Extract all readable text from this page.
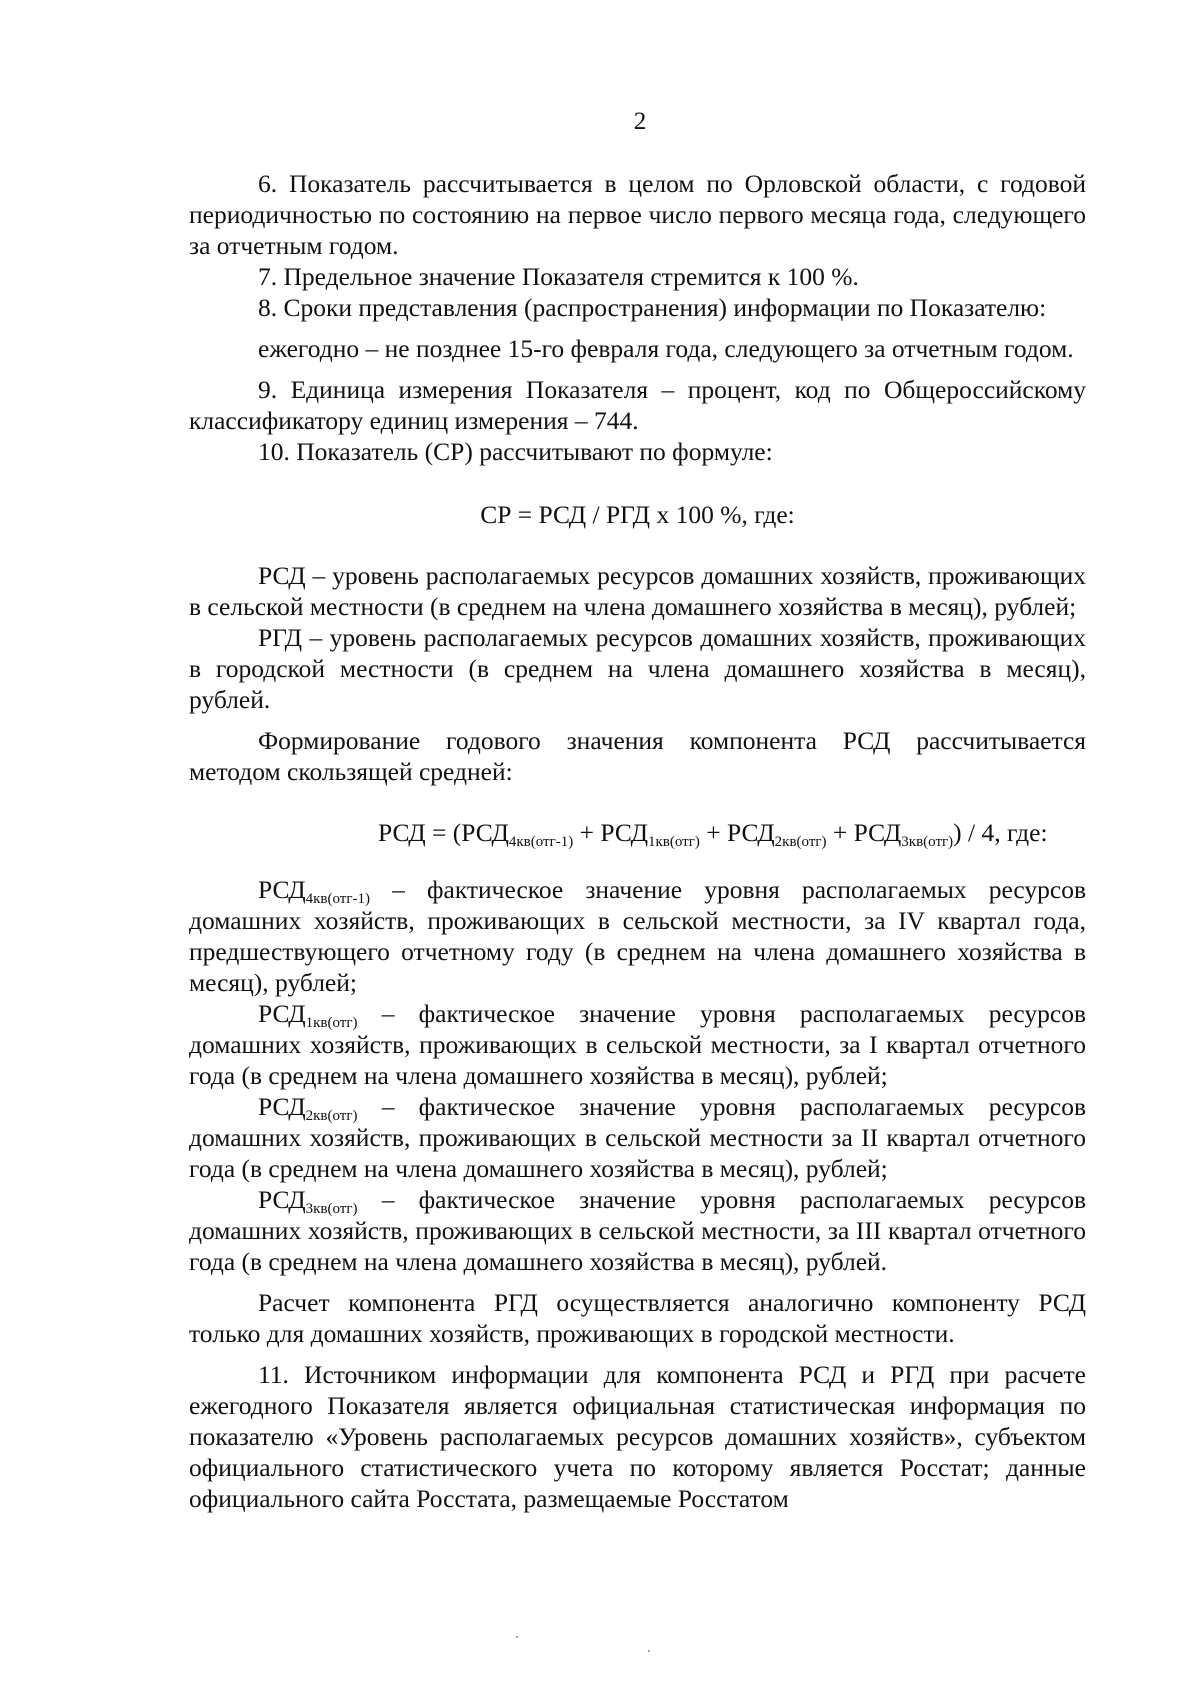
2

6. Показатель рассчитывается в целом по Орловской области, с годовой периодичностью по состоянию на первое число первого месяца года, следующего за отчетным годом.

7. Предельное значение Показателя стремится к 100 %.

8. Сроки представления (распространения) информации по Показателю:

ежегодно – не позднее 15-го февраля года, следующего за отчетным годом.

9. Единица измерения Показателя – процент, код по Общероссийскому классификатору единиц измерения – 744.

10. Показатель (СР) рассчитывают по формуле:

СР = РСД / РГД х 100 %, где:

РСД – уровень располагаемых ресурсов домашних хозяйств, проживающих в сельской местности (в среднем на члена домашнего хозяйства в месяц), рублей;

РГД – уровень располагаемых ресурсов домашних хозяйств, проживающих в городской местности (в среднем на члена домашнего хозяйства в месяц), рублей.

Формирование годового значения компонента РСД рассчитывается методом скользящей средней:

РСД = $(РСД_{4кв(отг-1)} + РСД_{1кв(отг)} + РСД_{2кв(отг)} + РСД_{3кв(отг)}) / 4$, где:

$РСД_{4кв(отг-1)}$ – фактическое значение уровня располагаемых ресурсов домашних хозяйств, проживающих в сельской местности, за IV квартал года, предшествующего отчетному году (в среднем на члена домашнего хозяйства в месяц), рублей;

$РСД_{1кв(отг)}$ – фактическое значение уровня располагаемых ресурсов домашних хозяйств, проживающих в сельской местности, за I квартал отчетного года (в среднем на члена домашнего хозяйства в месяц), рублей;

$РСД_{2кв(отг)}$ – фактическое значение уровня располагаемых ресурсов домашних хозяйств, проживающих в сельской местности за II квартал отчетного года (в среднем на члена домашнего хозяйства в месяц), рублей;

$РСД_{3кв(отг)}$ – фактическое значение уровня располагаемых ресурсов домашних хозяйств, проживающих в сельской местности, за III квартал отчетного года (в среднем на члена домашнего хозяйства в месяц), рублей.

Расчет компонента РГД осуществляется аналогично компоненту РСД только для домашних хозяйств, проживающих в городской местности.

11. Источником информации для компонента РСД и РГД при расчете ежегодного Показателя является официальная статистическая информация по показателю «Уровень располагаемых ресурсов домашних хозяйств», субъектом официального статистического учета по которому является Росстат; данные официального сайта Росстата, размещаемые Росстатом
